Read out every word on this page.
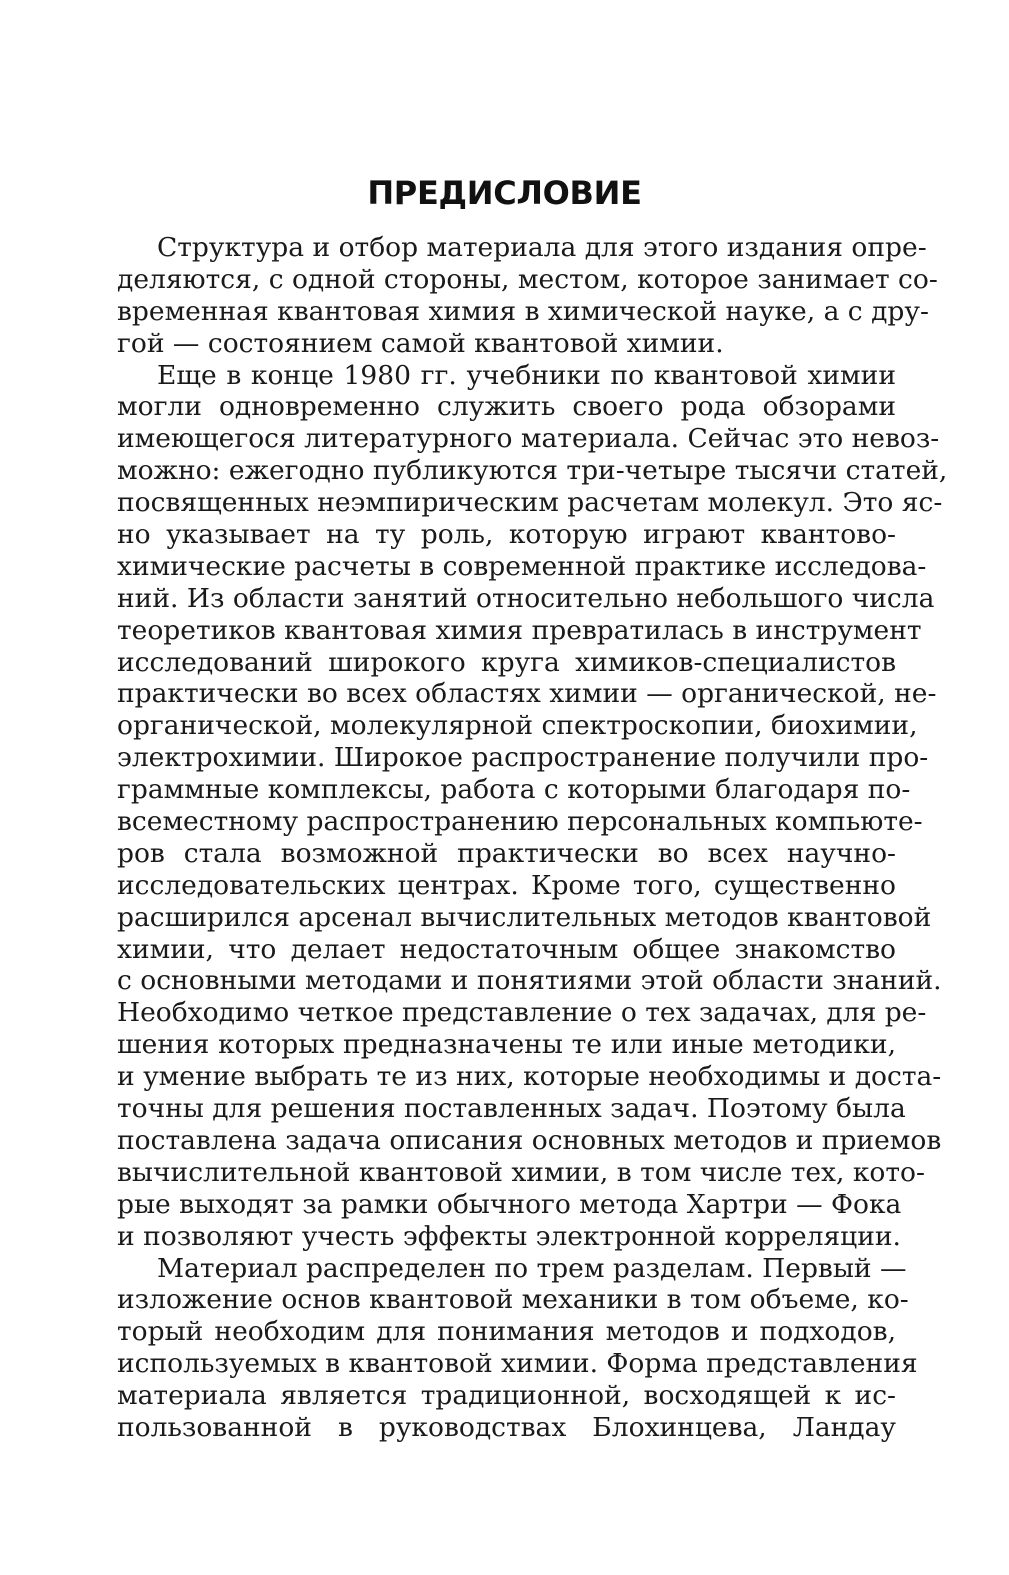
ПРЕДИСЛОВИЕ
Структура и отбор материала для этого издания опре-
деляются, с одной стороны, местом, которое занимает со-
временная квантовая химия в химической науке, а с дру-
гой — состоянием самой квантовой химии.
Еще в конце 1980 гг. учебники по квантовой химии
могли одновременно служить своего рода обзорами
имеющегося литературного материала. Сейчас это невоз-
можно: ежегодно публикуются три-четыре тысячи статей,
посвященных неэмпирическим расчетам молекул. Это яс-
но указывает на ту роль, которую играют квантово-
химические расчеты в современной практике исследова-
ний. Из области занятий относительно небольшого числа
теоретиков квантовая химия превратилась в инструмент
исследований широкого круга химиков-специалистов
практически во всех областях химии — органической, не-
органической, молекулярной спектроскопии, биохимии,
электрохимии. Широкое распространение получили про-
граммные комплексы, работа с которыми благодаря по-
всеместному распространению персональных компьюте-
ров стала возможной практически во всех научно-
исследовательских центрах. Кроме того, существенно
расширился арсенал вычислительных методов квантовой
химии, что делает недостаточным общее знакомство
с основными методами и понятиями этой области знаний.
Необходимо четкое представление о тех задачах, для ре-
шения которых предназначены те или иные методики,
и умение выбрать те из них, которые необходимы и доста-
точны для решения поставленных задач. Поэтому была
поставлена задача описания основных методов и приемов
вычислительной квантовой химии, в том числе тех, кото-
рые выходят за рамки обычного метода Хартри — Фока
и позволяют учесть эффекты электронной корреляции.
Материал распределен по трем разделам. Первый —
изложение основ квантовой механики в том объеме, ко-
торый необходим для понимания методов и подходов,
используемых в квантовой химии. Форма представления
материала является традиционной, восходящей к ис-
пользованной в руководствах Блохинцева, Ландау
